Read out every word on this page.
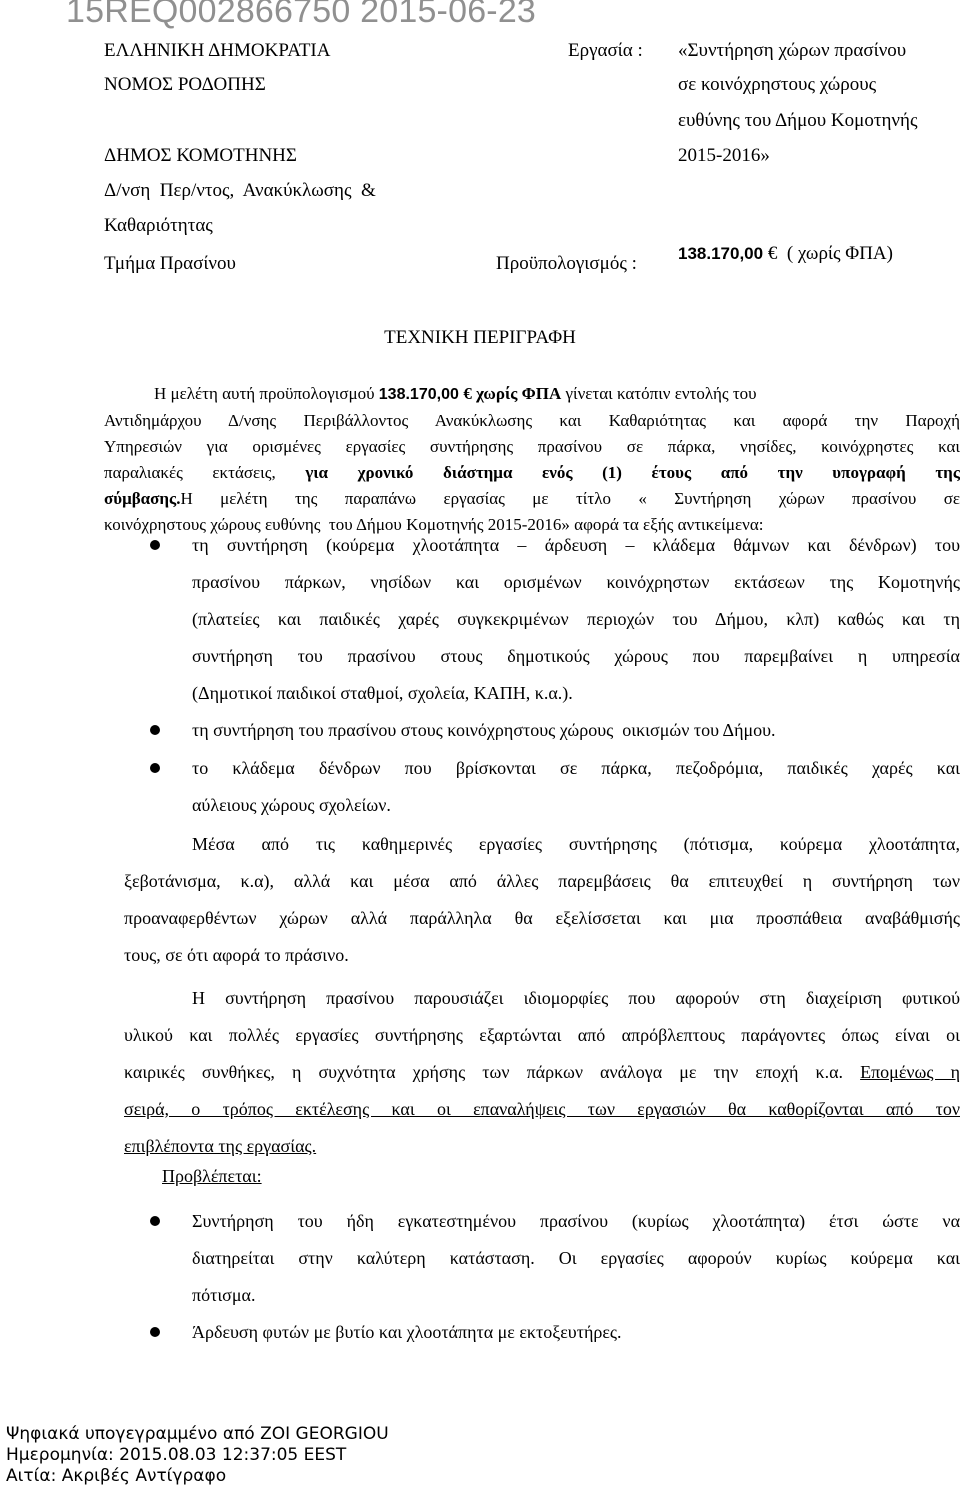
15REQ002866750 2015-06-23
ΕΛΛΗΝΙΚΗ ΔΗΜΟΚΡΑΤΙΑ
ΝΟΜΟΣ ΡΟΔΟΠΗΣ
ΔΗΜΟΣ ΚΟΜΟΤΗΝΗΣ
Δ/νση  Περ/ντος,  Ανακύκλωσης  &
Καθαριότητας
Τμήμα Πρασίνου
Εργασία : «Συντήρηση χώρων πρασίνου
σε κοινόχρηστους χώρους
ευθύνης του Δήμου Κομοτηνής
2015-2016»
Προϋπολογισμός : 138.170,00 €  ( χωρίς ΦΠΑ)
ΤΕΧΝΙΚΗ ΠΕΡΙΓΡΑΦΗ
Η μελέτη αυτή προϋπολογισμού 138.170,00 € χωρίς ΦΠΑ γίνεται κατόπιν εντολής του
Αντιδημάρχου Δ/νσης Περιβάλλοντος Ανακύκλωσης και Καθαριότητας και αφορά την Παροχή
Υπηρεσιών για ορισμένες εργασίες συντήρησης πρασίνου σε πάρκα, νησίδες, κοινόχρηστες και
παραλιακές εκτάσεις, για χρονικό διάστημα ενός (1) έτους από την υπογραφή της
σύμβασης.Η μελέτη της παραπάνω εργασίας με τίτλο « Συντήρηση χώρων πρασίνου σε
κοινόχρηστους χώρους ευθύνης  του Δήμου Κομοτηνής 2015-2016» αφορά τα εξής αντικείμενα:
τη συντήρηση (κούρεμα χλοοτάπητα – άρδευση – κλάδεμα θάμνων και δένδρων) του
πρασίνου πάρκων, νησίδων και ορισμένων κοινόχρηστων εκτάσεων της Κομοτηνής
(πλατείες και παιδικές χαρές συγκεκριμένων περιοχών του Δήμου, κλπ) καθώς και τη
συντήρηση του πρασίνου στους δημοτικούς χώρους που παρεμβαίνει η υπηρεσία
(Δημοτικοί παιδικοί σταθμοί, σχολεία, ΚΑΠΗ, κ.α.).
τη συντήρηση του πρασίνου στους κοινόχρηστους χώρους  οικισμών του Δήμου.
το κλάδεμα δένδρων που βρίσκονται σε πάρκα, πεζοδρόμια, παιδικές χαρές και
αύλειους χώρους σχολείων.
Μέσα από τις καθημερινές εργασίες συντήρησης (πότισμα, κούρεμα χλοοτάπητα,
ξεβοτάνισμα, κ.α), αλλά και μέσα από άλλες παρεμβάσεις θα επιτευχθεί η συντήρηση των
προαναφερθέντων χώρων αλλά παράλληλα θα εξελίσσεται και μια προσπάθεια αναβάθμισής
τους, σε ότι αφορά το πράσινο.
Η συντήρηση πρασίνου παρουσιάζει ιδιομορφίες που αφορούν στη διαχείριση φυτικού
υλικού και πολλές εργασίες συντήρησης εξαρτώνται από απρόβλεπτους παράγοντες όπως είναι οι
καιρικές συνθήκες, η συχνότητα χρήσης των πάρκων ανάλογα με την εποχή κ.α. Επομένως η
σειρά, ο τρόπος εκτέλεσης και οι επαναλήψεις των εργασιών θα καθορίζονται από τον
επιβλέποντα της εργασίας.
Προβλέπεται:
Συντήρηση του ήδη εγκατεστημένου πρασίνου (κυρίως χλοοτάπητα) έτσι ώστε να
διατηρείται στην καλύτερη κατάσταση. Οι εργασίες αφορούν κυρίως κούρεμα και
πότισμα.
Άρδευση φυτών με βυτίο και χλοοτάπητα με εκτοξευτήρες.
Ψηφιακά υπογεγραμμένο από ZOI GEORGIOU
Ημερομηνία: 2015.08.03 12:37:05 EEST
Αιτία: Ακριβές Αντίγραφο
